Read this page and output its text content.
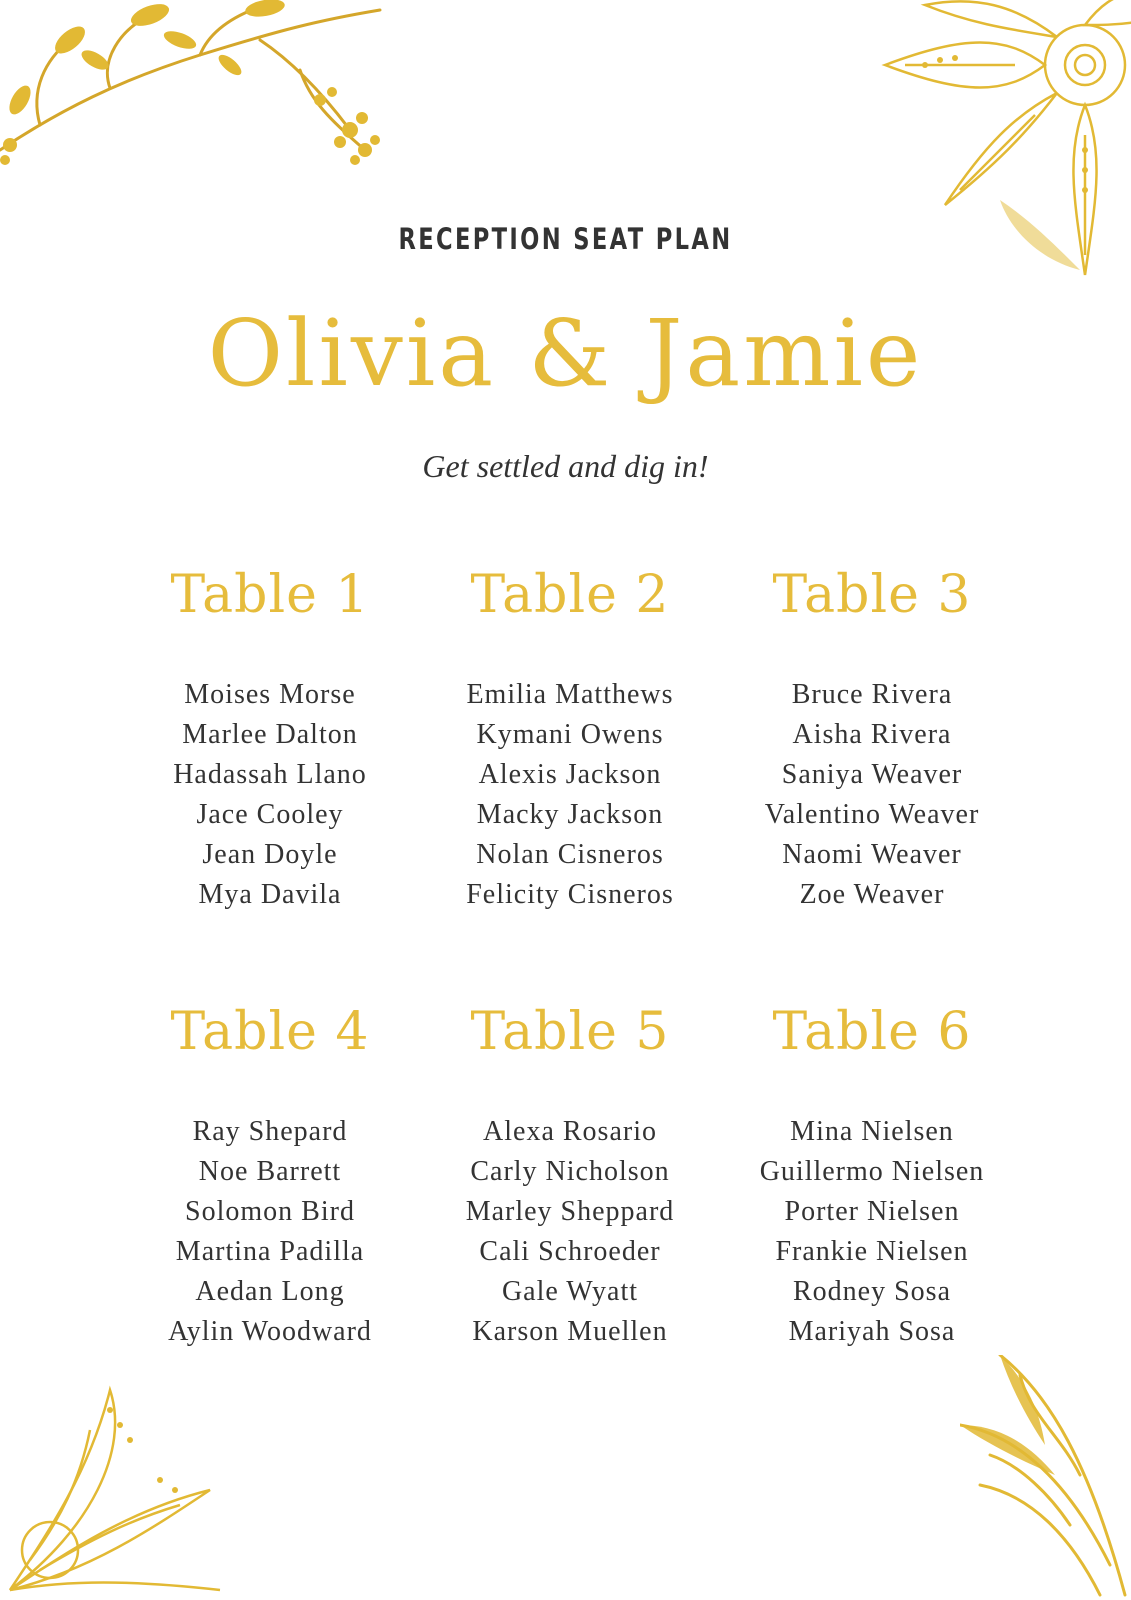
RECEPTION SEAT PLAN
Olivia & Jamie
Get settled and dig in!
Table 1
Moises Morse
Marlee Dalton
Hadassah Llano
Jace Cooley
Jean Doyle
Mya Davila
Table 2
Emilia Matthews
Kymani Owens
Alexis Jackson
Macky Jackson
Nolan Cisneros
Felicity Cisneros
Table 3
Bruce Rivera
Aisha Rivera
Saniya Weaver
Valentino Weaver
Naomi Weaver
Zoe Weaver
Table 4
Ray Shepard
Noe Barrett
Solomon Bird
Martina Padilla
Aedan Long
Aylin Woodward
Table 5
Alexa Rosario
Carly Nicholson
Marley Sheppard
Cali Schroeder
Gale Wyatt
Karson Muellen
Table 6
Mina Nielsen
Guillermo Nielsen
Porter Nielsen
Frankie Nielsen
Rodney Sosa
Mariyah Sosa
